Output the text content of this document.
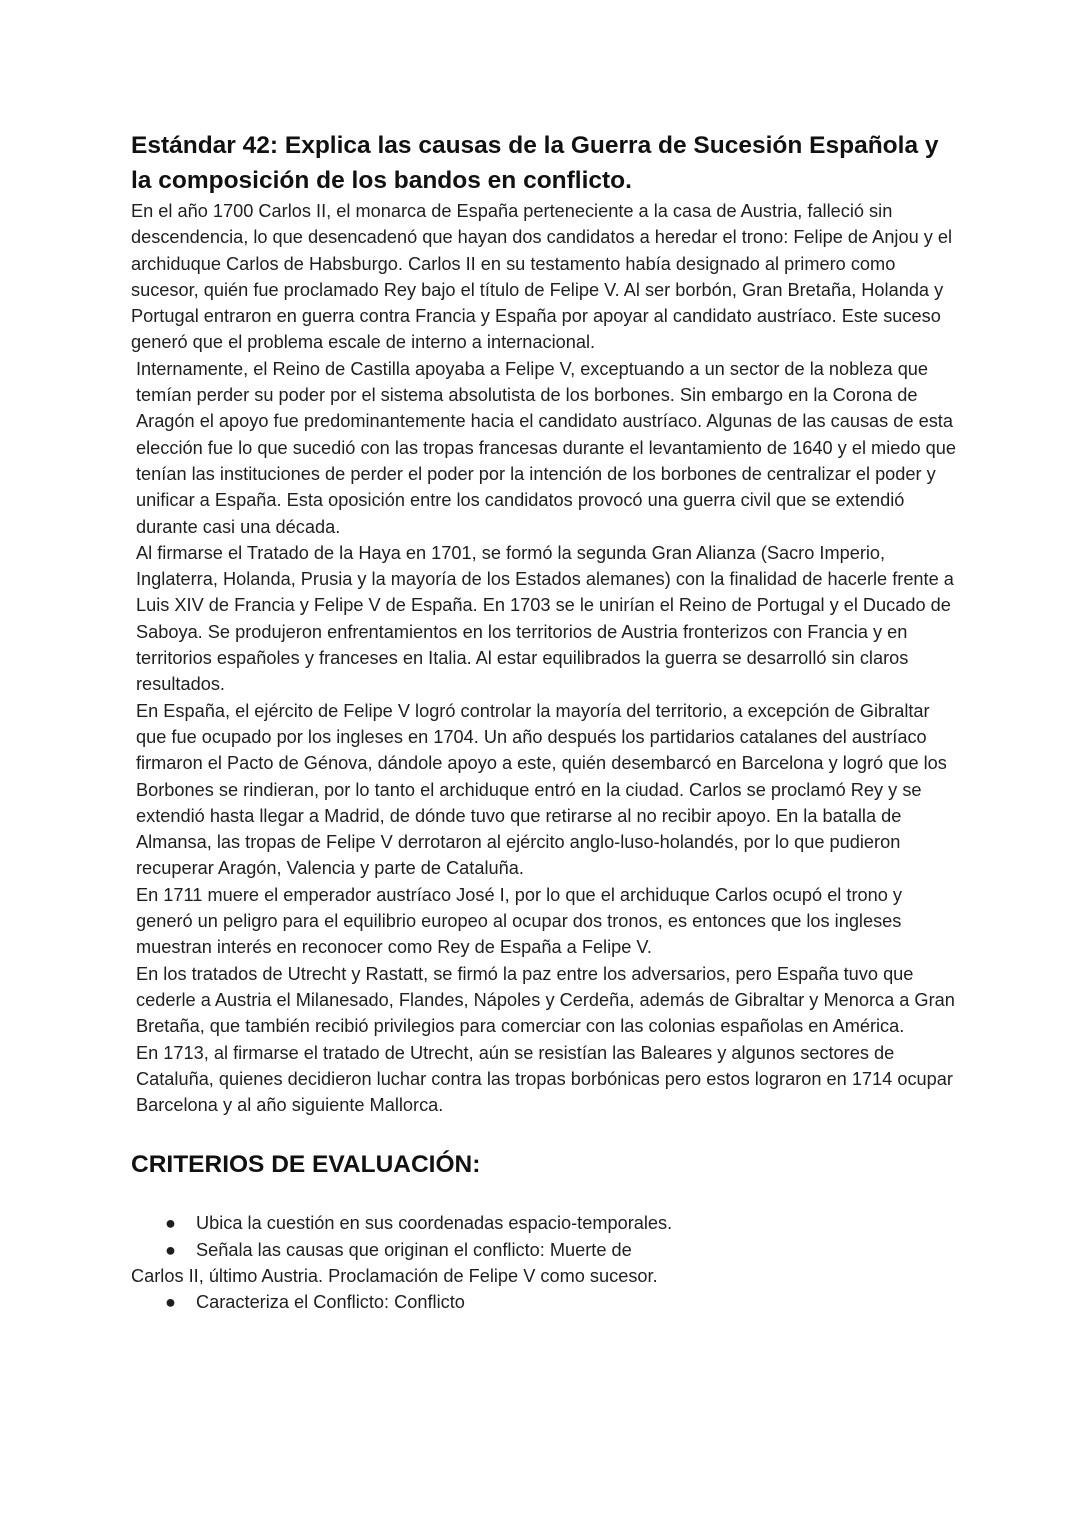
Estándar 42: Explica las causas de la Guerra de Sucesión Española y la composición de los bandos en conflicto.

En el año 1700 Carlos II, el monarca de España perteneciente a la casa de Austria, falleció sin descendencia, lo que desencadenó que hayan dos candidatos a heredar el trono: Felipe de Anjou y el archiduque Carlos de Habsburgo. Carlos II en su testamento había designado al primero como sucesor, quién fue proclamado Rey bajo el título de Felipe V. Al ser borbón, Gran Bretaña, Holanda y Portugal entraron en guerra contra Francia y España por apoyar al candidato austríaco. Este suceso generó que el problema escale de interno a internacional.

Internamente, el Reino de Castilla apoyaba a Felipe V, exceptuando a un sector de la nobleza que temían perder su poder por el sistema absolutista de los borbones. Sin embargo en la Corona de Aragón el apoyo fue predominantemente hacia el candidato austríaco. Algunas de las causas de esta elección fue lo que sucedió con las tropas francesas durante el levantamiento de 1640 y el miedo que tenían las instituciones de perder el poder por la intención de los borbones de centralizar el poder y unificar a España. Esta oposición entre los candidatos provocó una guerra civil que se extendió durante casi una década.

Al firmarse el Tratado de la Haya en 1701, se formó la segunda Gran Alianza (Sacro Imperio, Inglaterra, Holanda, Prusia y la mayoría de los Estados alemanes) con la finalidad de hacerle frente a Luis XIV de Francia y Felipe V de España. En 1703 se le unirían el Reino de Portugal y el Ducado de Saboya. Se produjeron enfrentamientos en los territorios de Austria fronterizos con Francia y en territorios españoles y franceses en Italia. Al estar equilibrados la guerra se desarrolló sin claros resultados.

En España, el ejército de Felipe V logró controlar la mayoría del territorio, a excepción de Gibraltar que fue ocupado por los ingleses en 1704. Un año después los partidarios catalanes del austríaco firmaron el Pacto de Génova, dándole apoyo a este, quién desembarcó en Barcelona y logró que los Borbones se rindieran, por lo tanto el archiduque entró en la ciudad. Carlos se proclamó Rey y se extendió hasta llegar a Madrid, de dónde tuvo que retirarse al no recibir apoyo. En la batalla de Almansa, las tropas de Felipe V derrotaron al ejército anglo-luso-holandés, por lo que pudieron recuperar Aragón, Valencia y parte de Cataluña.

En 1711 muere el emperador austríaco José I, por lo que el archiduque Carlos ocupó el trono y generó un peligro para el equilibrio europeo al ocupar dos tronos, es entonces que los ingleses muestran interés en reconocer como Rey de España a Felipe V.

En los tratados de Utrecht y Rastatt, se firmó la paz entre los adversarios, pero España tuvo que cederle a Austria el Milanesado, Flandes, Nápoles y Cerdeña, además de Gibraltar y Menorca a Gran Bretaña, que también recibió privilegios para comerciar con las colonias españolas en América.

En 1713, al firmarse el tratado de Utrecht, aún se resistían las Baleares y algunos sectores de Cataluña, quienes decidieron luchar contra las tropas borbónicas pero estos lograron en 1714 ocupar Barcelona y al año siguiente Mallorca.

CRITERIOS DE EVALUACIÓN:
● Ubica la cuestión en sus coordenadas espacio-temporales.
● Señala las causas que originan el conflicto: Muerte de
Carlos II, último Austria. Proclamación de Felipe V como sucesor.
● Caracteriza el Conflicto: Conflicto
